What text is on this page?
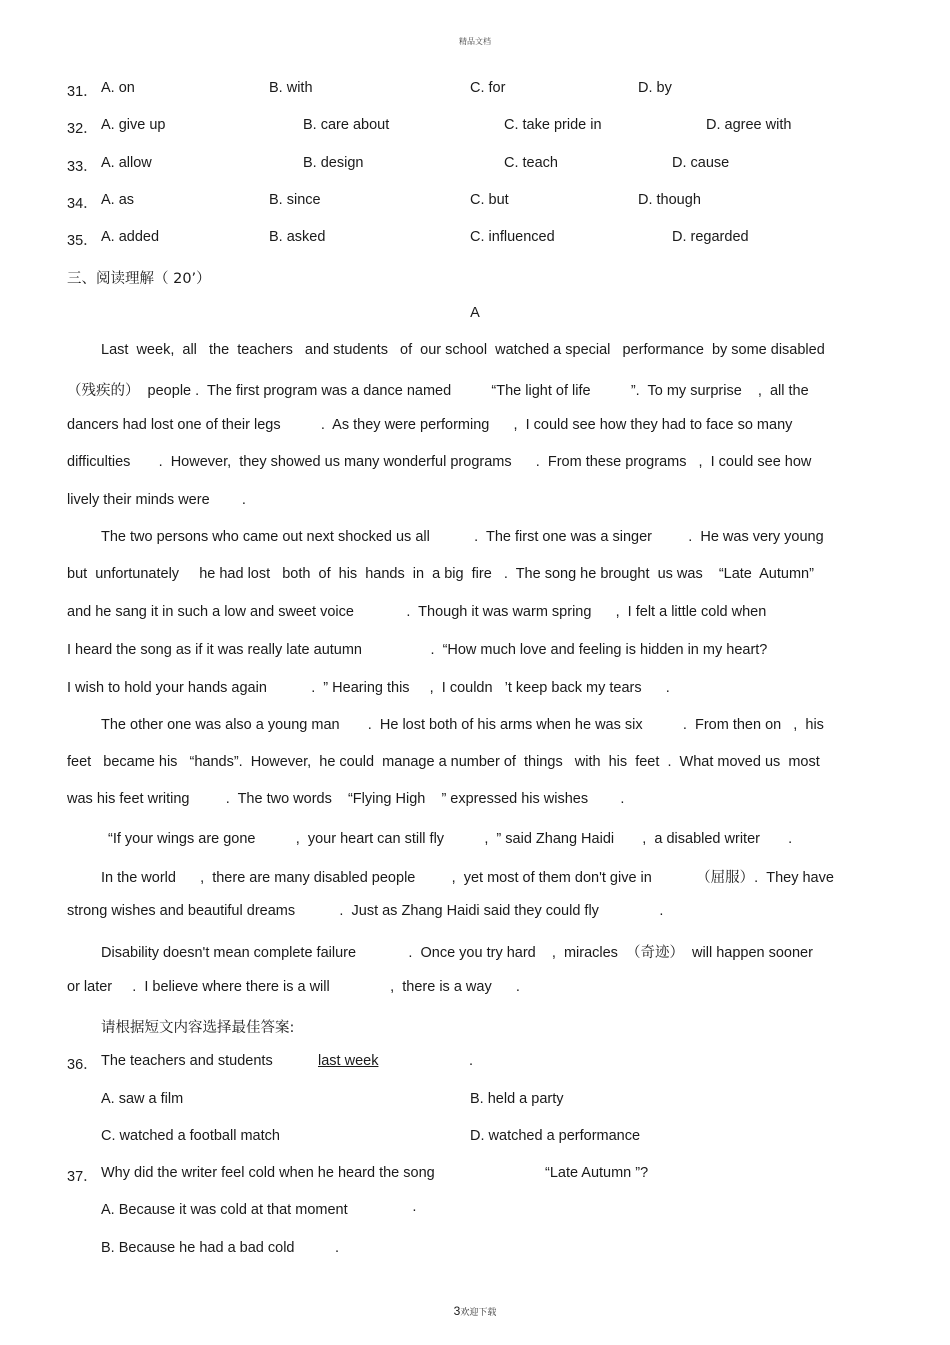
精品文档
31． A. on	B. with	C. for	D. by
32． A. give up	B. care about	C. take pride in	D. agree with
33． A. allow	B. design	C. teach	D. cause
34． A. as	B. since	C. but	D. though
35． A. added	B. asked	C. influenced	D. regarded
三、阅读理解（ 20’）
A
Last  week,  all   the  teachers   and students   of  our school  watched a special   performance  by some disabled
（残疾的）  people .  The first program was a dance named          “The light of life          ”.  To my surprise    ,  all the
dancers had lost one of their legs          .  As they were performing      ,  I could see how they had to face so many
difficulties       .  However,  they showed us many wonderful programs      .  From these programs   ,  I could see how
lively their minds were        .
The two persons who came out next shocked us all           .  The first one was a singer         .  He was very young
but  unfortunately     he had lost   both  of  his  hands  in  a big  fire   .  The song he brought  us was    “Late  Autumn”
and he sang it in such a low and sweet voice             .  Though it was warm spring      ,  I felt a little cold when
I heard the song as if it was really late autumn                 .  “How much love and feeling is hidden in my heart?
I wish to hold your hands again           .  ” Hearing this     ,  I couldn   ’t keep back my tears      .
The other one was also a young man       .  He lost both of his arms when he was six          .  From then on   ,  his
feet   became his   “hands”.  However,  he could  manage a number of  things   with  his  feet  .  What moved us  most
was his feet writing         .  The two words    “Flying High    ” expressed his wishes        .
“If your wings are gone          ,  your heart can still fly          ,  ” said Zhang Haidi       ,  a disabled writer       .
In the world      ,  there are many disabled people         ,  yet most of them don't give in           （屈服）.  They have
strong wishes and beautiful dreams           .  Just as Zhang Haidi said they could fly               .
Disability doesn't mean complete failure             .  Once you try hard    ,  miracles  （奇迹）  will happen sooner
or later     .  I believe where there is a will               ,  there is a way      .
请根据短文内容选择最佳答案:
36． The teachers and students	last week	.
A. saw a film	B. held a party
C. watched a football match	D. watched a performance
37． Why did the writer feel cold when he heard the song	“Late Autumn ”?
A. Because it was cold at that moment	·
B. Because he had a bad cold	.
3欢迎下载
